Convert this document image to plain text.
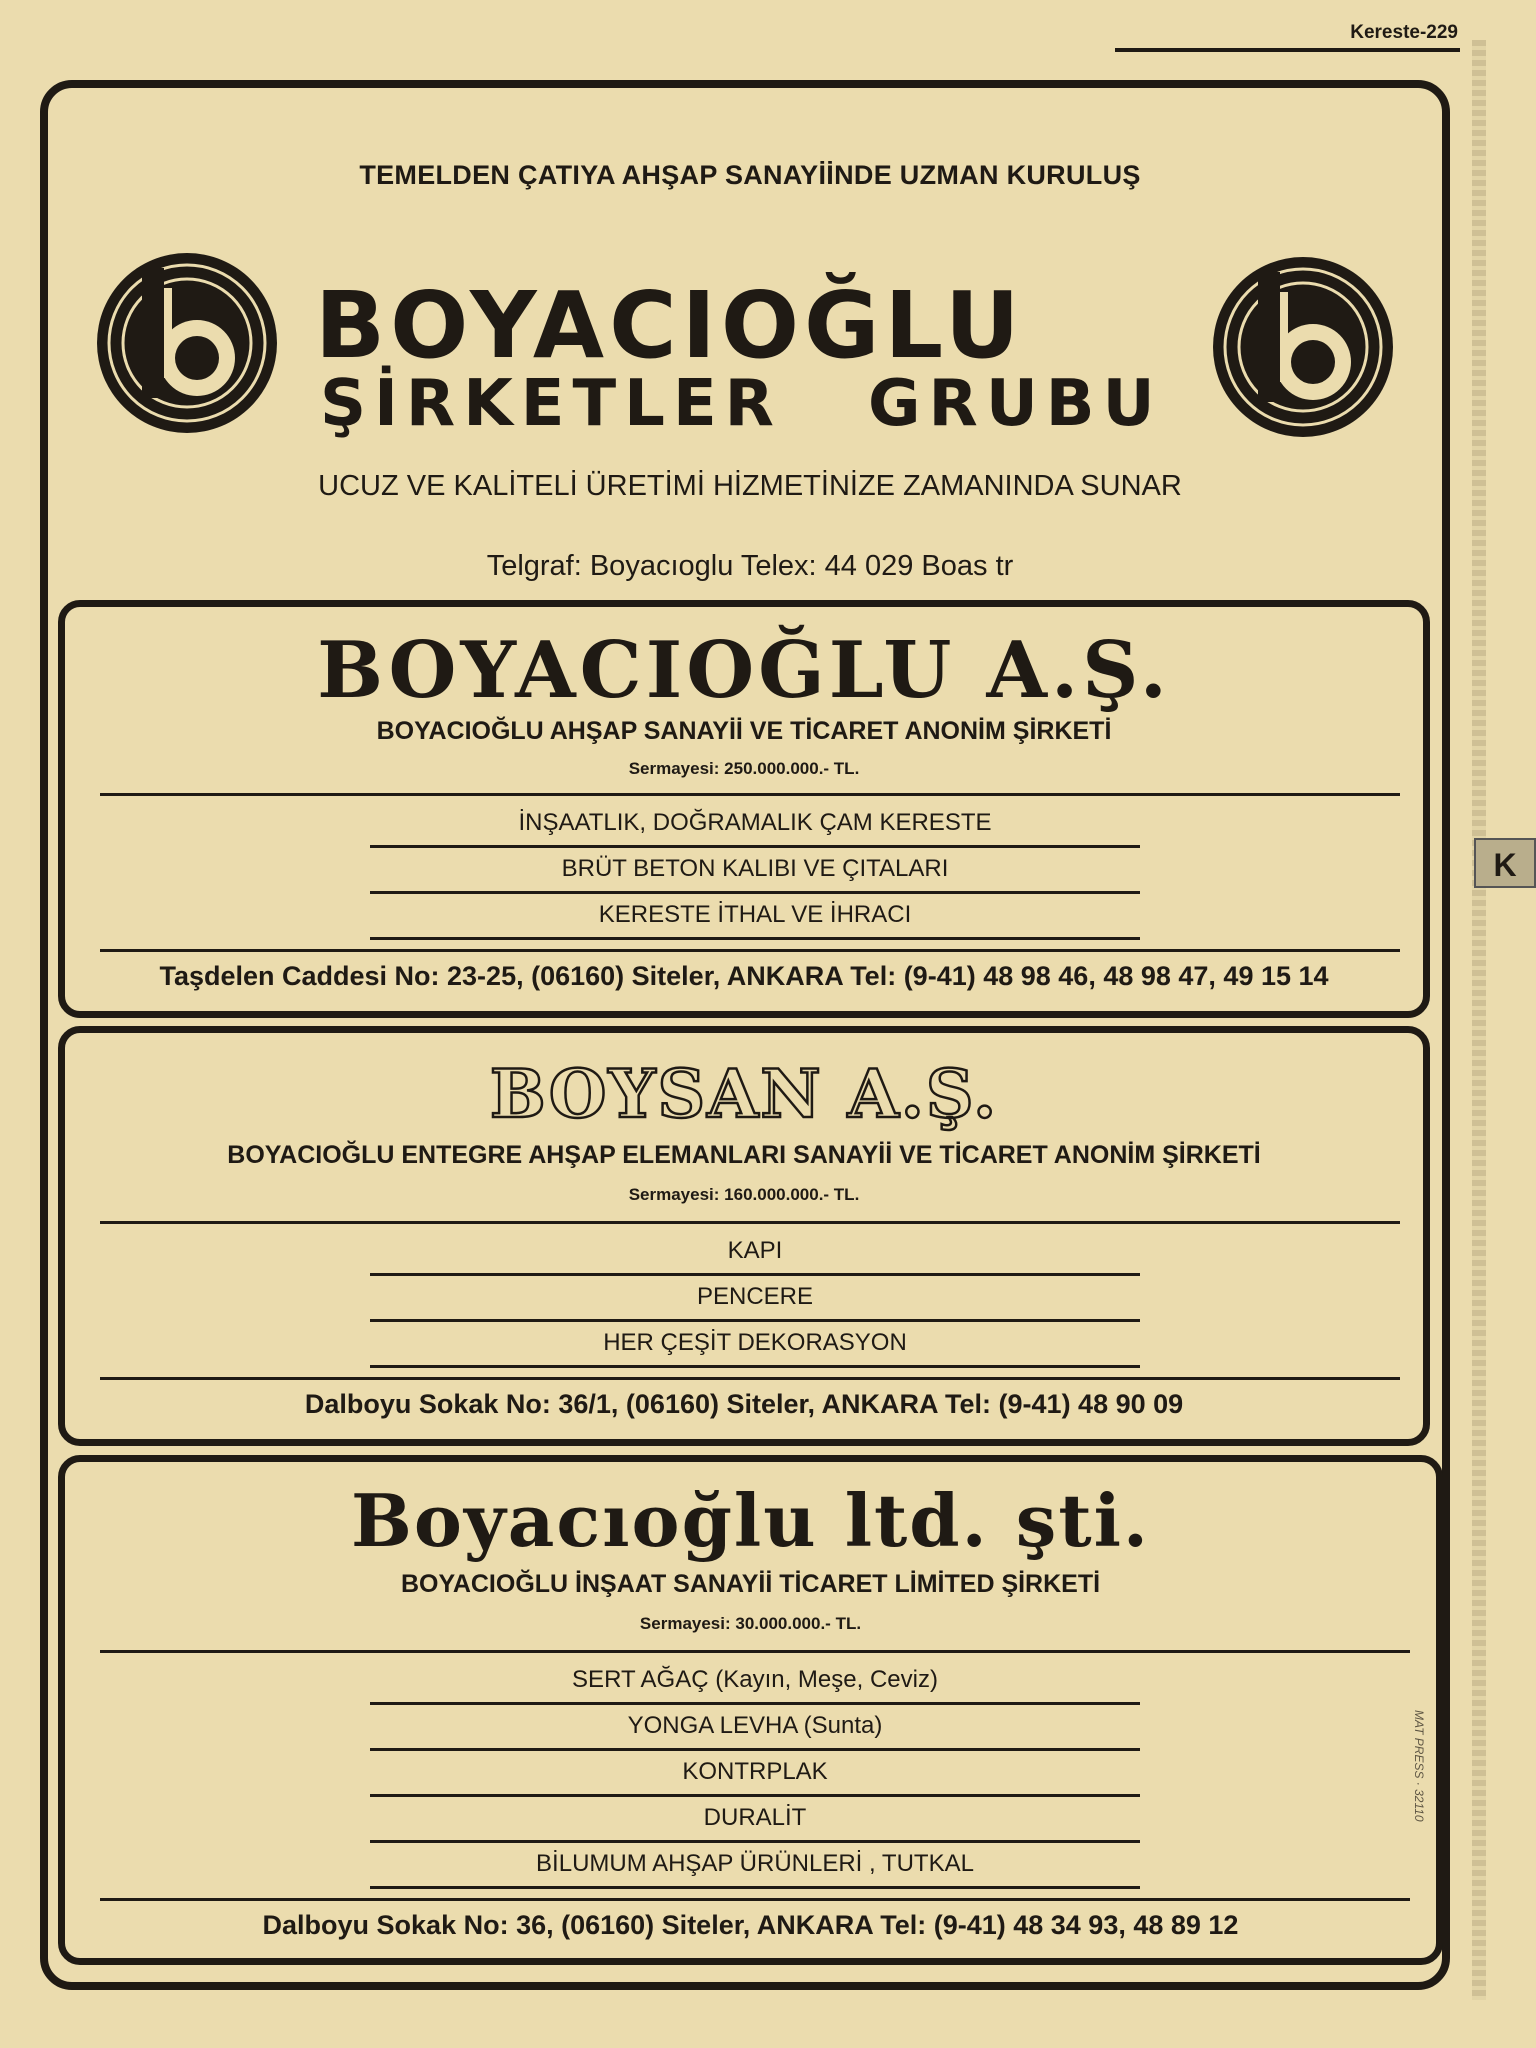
Kereste-229
K
MAT PRESS · 32110
TEMELDEN ÇATIYA AHŞAP SANAYİİNDE UZMAN KURULUŞ
BOYACIOĞLU
ŞİRKETLER GRUBU
UCUZ VE KALİTELİ ÜRETİMİ HİZMETİNİZE ZAMANINDA SUNAR
Telgraf: Boyacıoglu Telex: 44 029 Boas tr
BOYACIOĞLU A.Ş.
BOYACIOĞLU AHŞAP SANAYİİ VE TİCARET ANONİM ŞİRKETİ
Sermayesi: 250.000.000.- TL.
İNŞAATLIK, DOĞRAMALIK ÇAM KERESTE
BRÜT BETON KALIBI VE ÇITALARI
KERESTE İTHAL VE İHRACI
Taşdelen Caddesi No: 23-25, (06160) Siteler, ANKARA Tel: (9-41) 48 98 46, 48 98 47, 49 15 14
BOYSAN A.Ş.
BOYACIOĞLU ENTEGRE AHŞAP ELEMANLARI SANAYİİ VE TİCARET ANONİM ŞİRKETİ
Sermayesi: 160.000.000.- TL.
KAPI
PENCERE
HER ÇEŞİT DEKORASYON
Dalboyu Sokak No: 36/1, (06160) Siteler, ANKARA Tel: (9-41) 48 90 09
Boyacıoğlu ltd. şti.
BOYACIOĞLU İNŞAAT SANAYİİ TİCARET LİMİTED ŞİRKETİ
Sermayesi: 30.000.000.- TL.
SERT AĞAÇ (Kayın, Meşe, Ceviz)
YONGA LEVHA (Sunta)
KONTRPLAK
DURALİT
BİLUMUM AHŞAP ÜRÜNLERİ , TUTKAL
Dalboyu Sokak No: 36, (06160) Siteler, ANKARA Tel: (9-41) 48 34 93, 48 89 12
